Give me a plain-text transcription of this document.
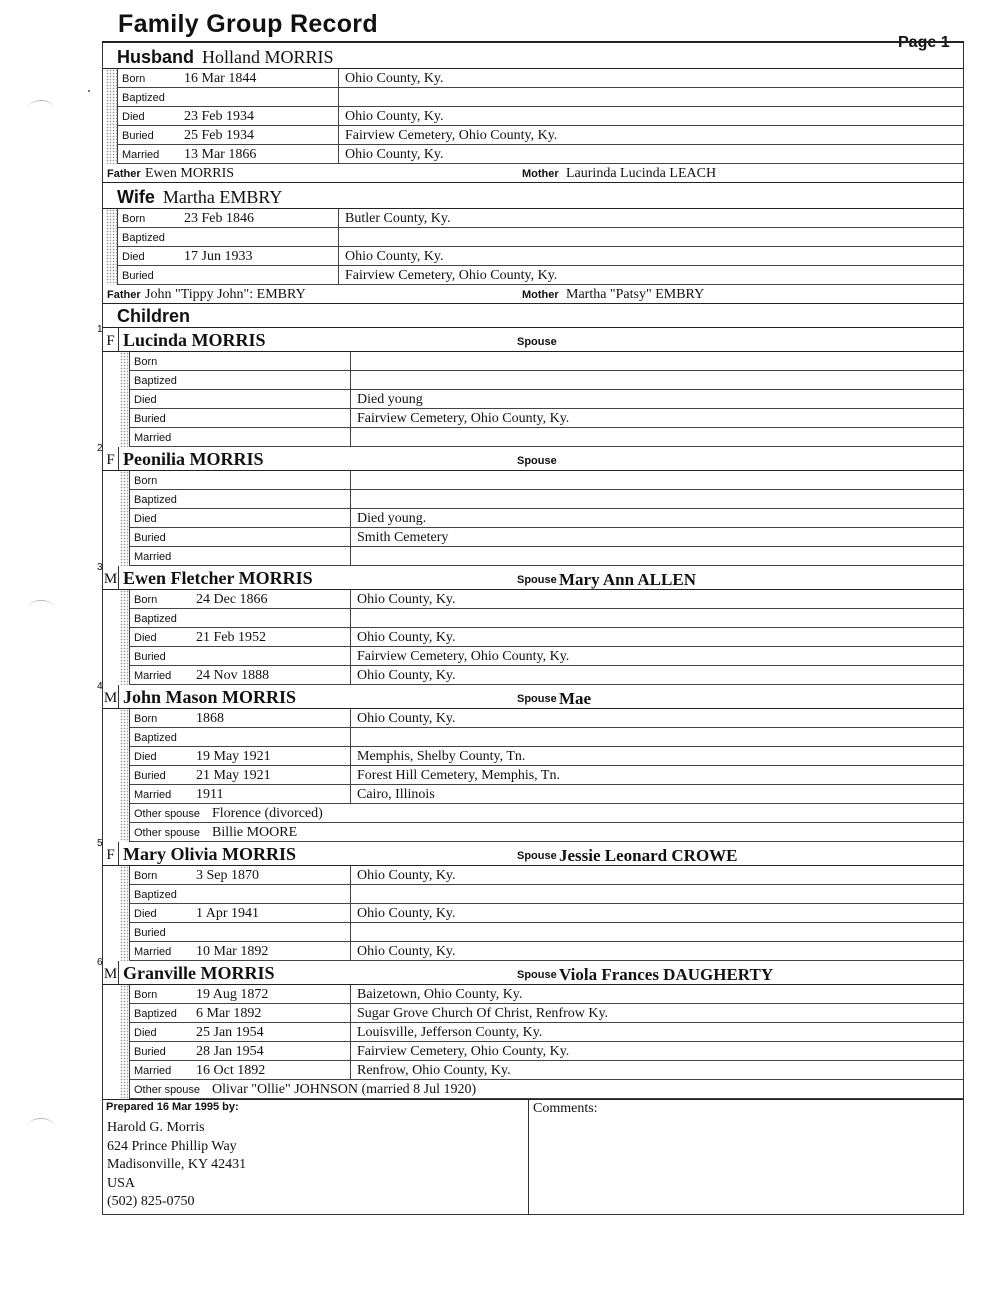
Family Group Record
Page 1
Husband Holland MORRIS
Born	16 Mar 1844	Ohio County, Ky.
Baptized
Died	23 Feb 1934	Ohio County, Ky.
Buried	25 Feb 1934	Fairview Cemetery, Ohio County, Ky.
Married	13 Mar 1866	Ohio County, Ky.
Father Ewen MORRIS	Mother Laurinda Lucinda LEACH
Wife Martha EMBRY
Born	23 Feb 1846	Butler County, Ky.
Baptized
Died	17 Jun 1933	Ohio County, Ky.
Buried	Fairview Cemetery, Ohio County, Ky.
Father John "Tippy John": EMBRY	Mother Martha "Patsy" EMBRY
Children
1
F Lucinda MORRIS	Spouse
Born
Baptized
Died	Died young
Buried	Fairview Cemetery, Ohio County, Ky.
Married
2
F Peonilia MORRIS	Spouse
Born
Baptized
Died	Died young.
Buried	Smith Cemetery
Married
3
M Ewen Fletcher MORRIS	Spouse Mary Ann ALLEN
Born	24 Dec 1866	Ohio County, Ky.
Baptized
Died	21 Feb 1952	Ohio County, Ky.
Buried	Fairview Cemetery, Ohio County, Ky.
Married	24 Nov 1888	Ohio County, Ky.
4
M John Mason MORRIS	Spouse Mae
Born	1868	Ohio County, Ky.
Baptized
Died	19 May 1921	Memphis, Shelby County, Tn.
Buried	21 May 1921	Forest Hill Cemetery, Memphis, Tn.
Married	1911	Cairo, Illinois
Other spouse Florence (divorced)
Other spouse Billie MOORE
5
F Mary Olivia MORRIS	Spouse Jessie Leonard CROWE
Born	3 Sep 1870	Ohio County, Ky.
Baptized
Died	1 Apr 1941	Ohio County, Ky.
Buried
Married	10 Mar 1892	Ohio County, Ky.
6
M Granville MORRIS	Spouse Viola Frances DAUGHERTY
Born	19 Aug 1872	Baizetown, Ohio County, Ky.
Baptized	6 Mar 1892	Sugar Grove Church Of Christ, Renfrow Ky.
Died	25 Jan 1954	Louisville, Jefferson County, Ky.
Buried	28 Jan 1954	Fairview Cemetery, Ohio County, Ky.
Married	16 Oct 1892	Renfrow, Ohio County, Ky.
Other spouse Olivar "Ollie" JOHNSON (married 8 Jul 1920)
Prepared 16 Mar 1995 by:
Harold G. Morris
624 Prince Phillip Way
Madisonville, KY 42431
USA
(502) 825-0750
Comments:
